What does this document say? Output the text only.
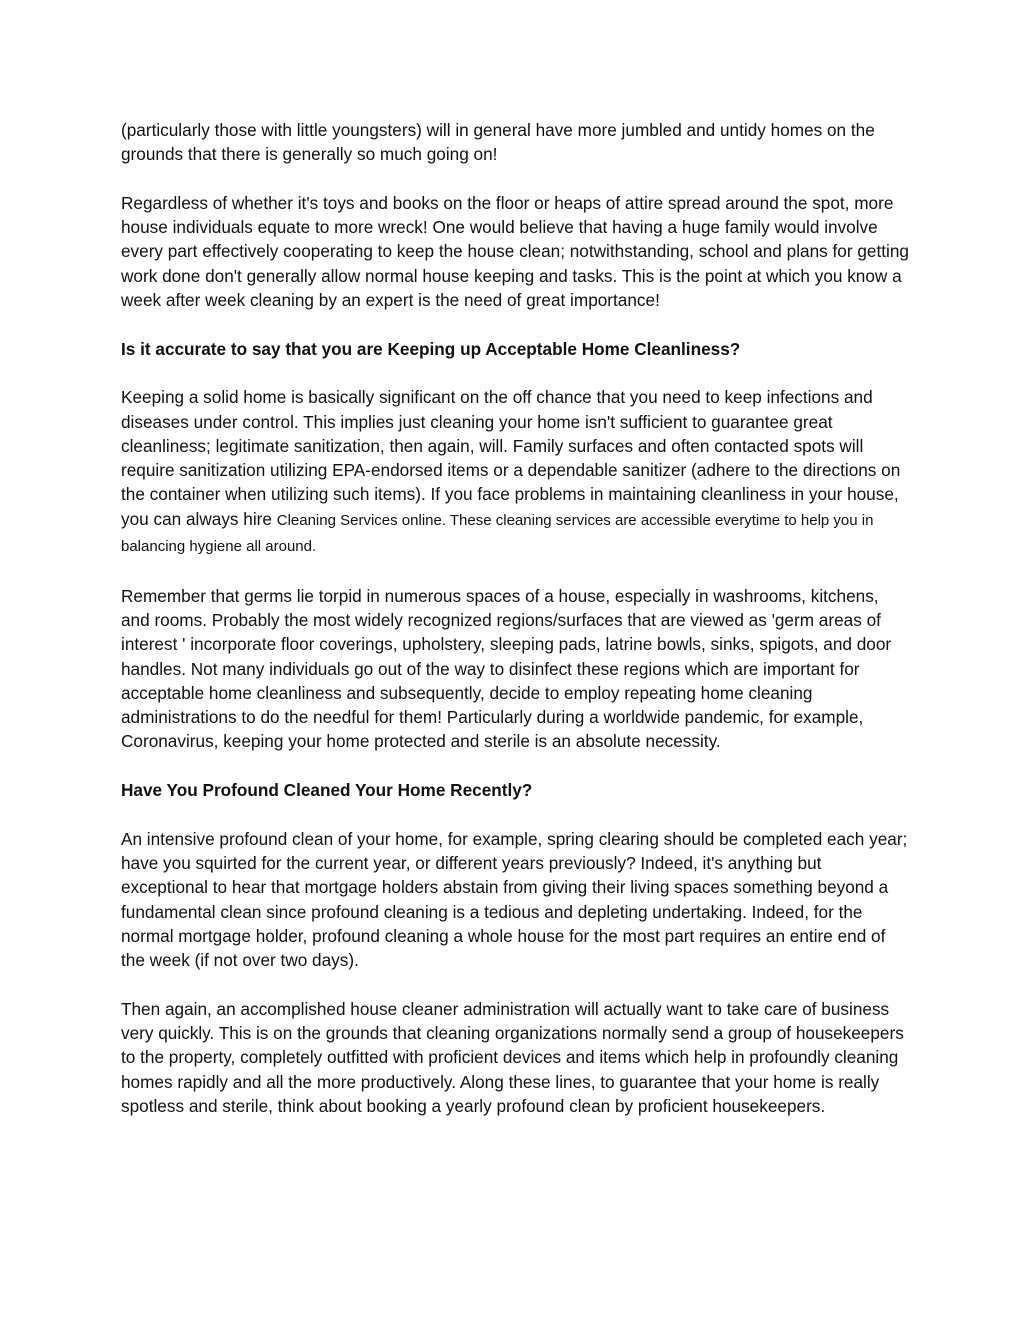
(particularly those with little youngsters) will in general have more jumbled and untidy homes on the grounds that there is generally so much going on!

Regardless of whether it's toys and books on the floor or heaps of attire spread around the spot, more house individuals equate to more wreck! One would believe that having a huge family would involve every part effectively cooperating to keep the house clean; notwithstanding, school and plans for getting work done don't generally allow normal house keeping and tasks. This is the point at which you know a week after week cleaning by an expert is the need of great importance!

Is it accurate to say that you are Keeping up Acceptable Home Cleanliness?

Keeping a solid home is basically significant on the off chance that you need to keep infections and diseases under control. This implies just cleaning your home isn't sufficient to guarantee great cleanliness; legitimate sanitization, then again, will. Family surfaces and often contacted spots will require sanitization utilizing EPA-endorsed items or a dependable sanitizer (adhere to the directions on the container when utilizing such items). If you face problems in maintaining cleanliness in your house, you can always hire Cleaning Services online. These cleaning services are accessible everytime to help you in balancing hygiene all around.

Remember that germs lie torpid in numerous spaces of a house, especially in washrooms, kitchens, and rooms. Probably the most widely recognized regions/surfaces that are viewed as 'germ areas of interest ' incorporate floor coverings, upholstery, sleeping pads, latrine bowls, sinks, spigots, and door handles. Not many individuals go out of the way to disinfect these regions which are important for acceptable home cleanliness and subsequently, decide to employ repeating home cleaning administrations to do the needful for them! Particularly during a worldwide pandemic, for example, Coronavirus, keeping your home protected and sterile is an absolute necessity.

Have You Profound Cleaned Your Home Recently?

An intensive profound clean of your home, for example, spring clearing should be completed each year; have you squirted for the current year, or different years previously? Indeed, it's anything but exceptional to hear that mortgage holders abstain from giving their living spaces something beyond a fundamental clean since profound cleaning is a tedious and depleting undertaking. Indeed, for the normal mortgage holder, profound cleaning a whole house for the most part requires an entire end of the week (if not over two days).

Then again, an accomplished house cleaner administration will actually want to take care of business very quickly. This is on the grounds that cleaning organizations normally send a group of housekeepers to the property, completely outfitted with proficient devices and items which help in profoundly cleaning homes rapidly and all the more productively. Along these lines, to guarantee that your home is really spotless and sterile, think about booking a yearly profound clean by proficient housekeepers.
